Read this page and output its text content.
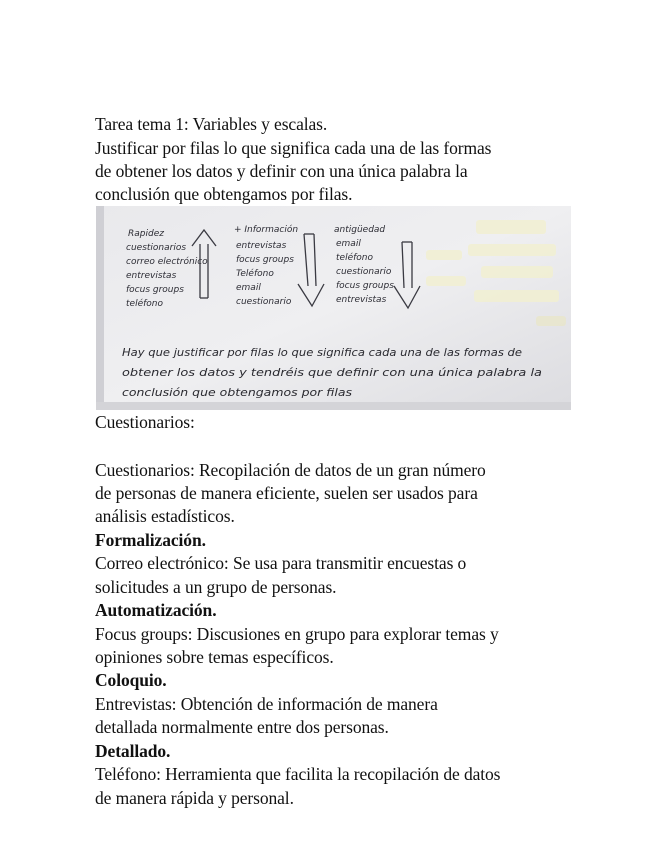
Tarea tema 1: Variables y escalas.
Justificar por filas lo que significa cada una de las formas
de obtener los datos y definir con una única palabra la
conclusión que obtengamos por filas.
Rapidez
cuestionarios
correo electrónico
entrevistas
focus groups
teléfono
+ Información
entrevistas
focus groups
Teléfono
email
cuestionario
antigüedad
email
teléfono
cuestionario
focus groups
entrevistas
Hay que justificar por filas lo que significa cada una de las formas de
obtener los datos y tendréis que definir con una única palabra la
conclusión que obtengamos por filas
Cuestionarios:
Cuestionarios: Recopilación de datos de un gran número
de personas de manera eficiente, suelen ser usados para
análisis estadísticos.
Formalización.
Correo electrónico: Se usa para transmitir encuestas o
solicitudes a un grupo de personas.
Automatización.
Focus groups: Discusiones en grupo para explorar temas y
opiniones sobre temas específicos.
Coloquio.
Entrevistas: Obtención de información de manera
detallada normalmente entre dos personas.
Detallado.
Teléfono: Herramienta que facilita la recopilación de datos
de manera rápida y personal.
